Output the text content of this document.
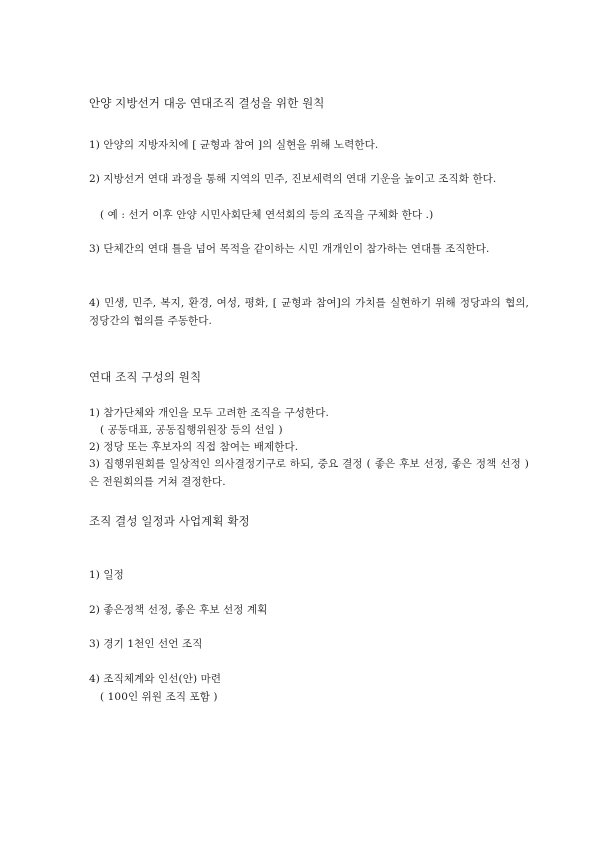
안양 지방선거 대응 연대조직 결성을 위한 원칙
1) 안양의 지방자치에 [ 균형과 참여 ]의 실현을 위해 노력한다.
2) 지방선거 연대 과정을 통해 지역의 민주, 진보세력의 연대 기운을 높이고 조직화 한다.
( 예 : 선거 이후 안양 시민사회단체 연석회의 등의 조직을 구체화 한다 .)
3) 단체간의 연대 틀을 넘어 목적을 같이하는 시민 개개인이 참가하는 연대틀 조직한다.
4) 민생, 민주, 복지, 환경, 여성, 평화, [ 균형과 참여]의 가치를 실현하기 위해 정당과의 협의, 정당간의 협의를 주동한다.
연대 조직 구성의 원칙
1) 참가단체와 개인을 모두 고려한 조직을 구성한다.
( 공동대표, 공동집행위원장 등의 선임 )
2) 정당 또는 후보자의 직접 참여는 배제한다.
3) 집행위원회를 일상적인 의사결정기구로 하되, 중요 결정 ( 좋은 후보 선정, 좋은 정책 선정 )은 전원회의를 거쳐 결정한다.
조직 결성 일정과 사업계획 확정
1) 일정
2) 좋은정책 선정, 좋은 후보 선정 계획
3) 경기 1천인 선언 조직
4) 조직체계와 인선(안) 마련
( 100인 위원 조직 포함 )
